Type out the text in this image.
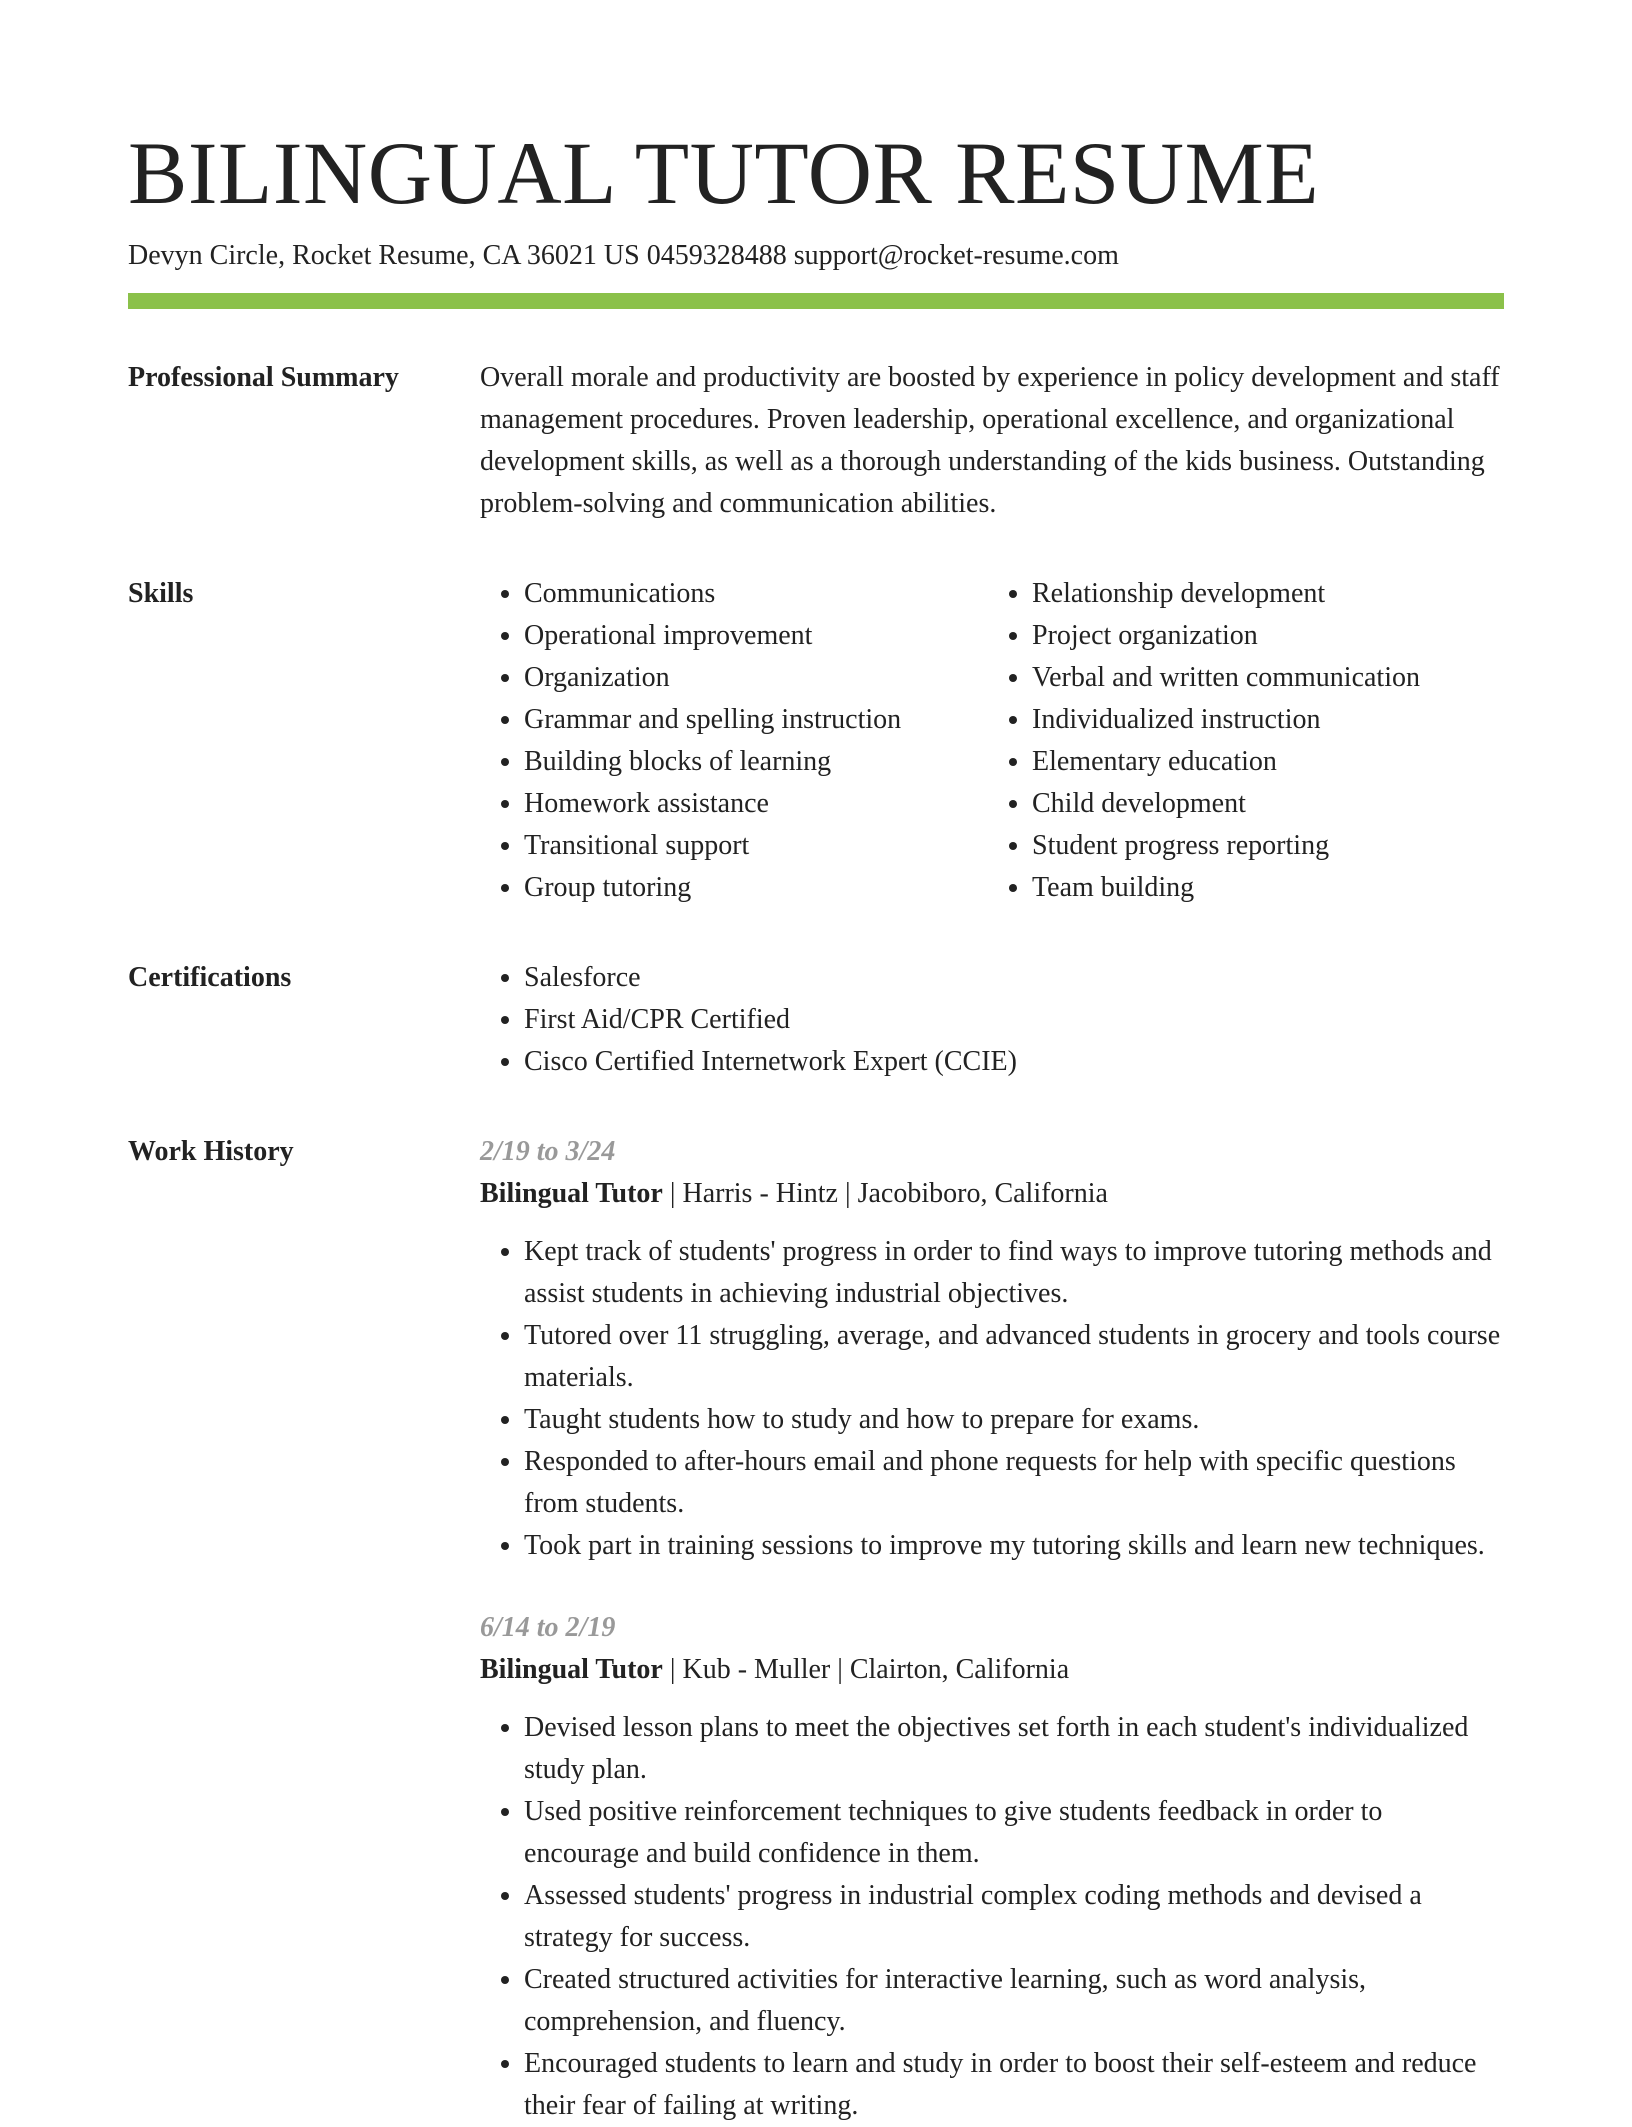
BILINGUAL TUTOR RESUME
Devyn Circle, Rocket Resume, CA 36021 US 0459328488 support@rocket-resume.com
Professional Summary	Overall morale and productivity are boosted by experience in policy development and staff management procedures. Proven leadership, operational excellence, and organizational development skills, as well as a thorough understanding of the kids business. Outstanding problem-solving and communication abilities.

Skills	• Communications
• Operational improvement
• Organization
• Grammar and spelling instruction
• Building blocks of learning
• Homework assistance
• Transitional support
• Group tutoring
• Relationship development
• Project organization
• Verbal and written communication
• Individualized instruction
• Elementary education
• Child development
• Student progress reporting
• Team building
Certifications	• Salesforce
• First Aid/CPR Certified
• Cisco Certified Internetwork Expert (CCIE)
Work History	2/19 to 3/24
Bilingual Tutor | Harris - Hintz | Jacobiboro, California
• Kept track of students' progress in order to find ways to improve tutoring methods and assist students in achieving industrial objectives.
• Tutored over 11 struggling, average, and advanced students in grocery and tools course materials.
• Taught students how to study and how to prepare for exams.
• Responded to after-hours email and phone requests for help with specific questions from students.
• Took part in training sessions to improve my tutoring skills and learn new techniques.
6/14 to 2/19
Bilingual Tutor | Kub - Muller | Clairton, California
• Devised lesson plans to meet the objectives set forth in each student's individualized study plan.
• Used positive reinforcement techniques to give students feedback in order to encourage and build confidence in them.
• Assessed students' progress in industrial complex coding methods and devised a strategy for success.
• Created structured activities for interactive learning, such as word analysis, comprehension, and fluency.
• Encouraged students to learn and study in order to boost their self-esteem and reduce their fear of failing at writing.
